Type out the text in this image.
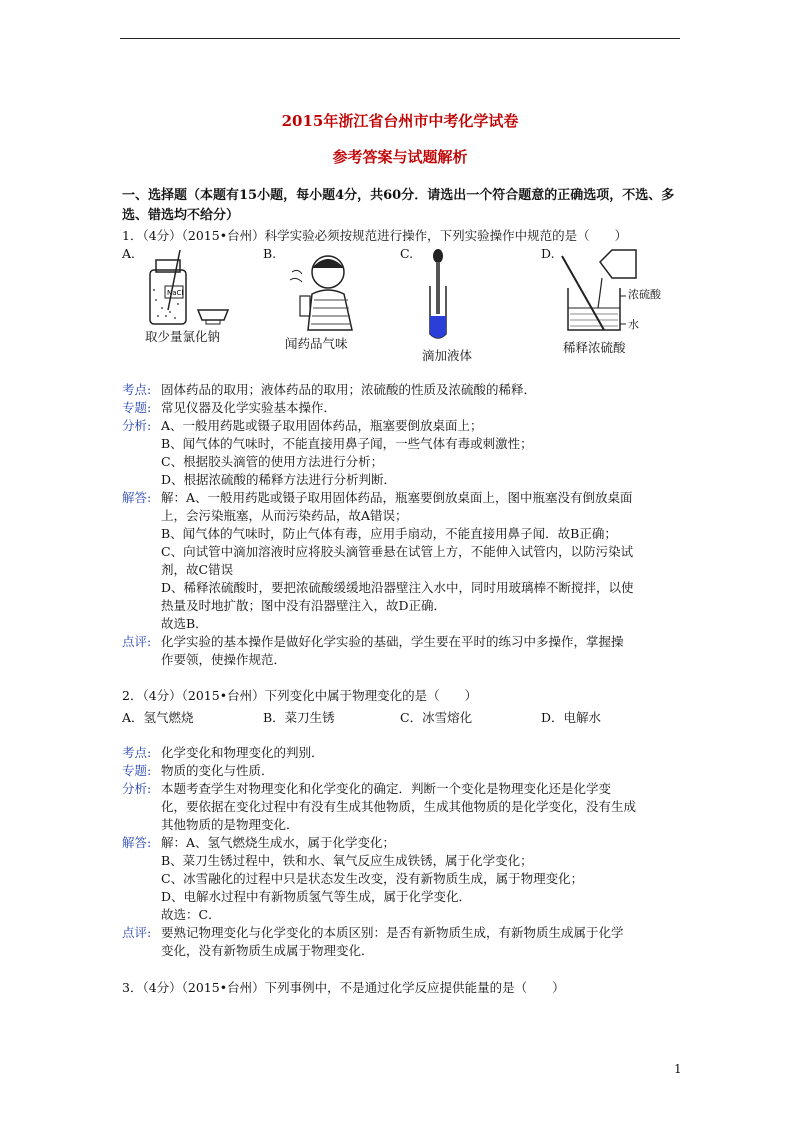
2015年浙江省台州市中考化学试卷
参考答案与试题解析
一、选择题（本题有15小题，每小题4分，共60分．请选出一个符合题意的正确选项，不选、多选、错选均不给分）
1．（4分）（2015•台州）科学实验必须按规范进行操作，下列实验操作中规范的是（　　）
A.	B.	C.	D.
NaCl
取少量氯化钠	闻药品气味
滴加液体
浓硫酸
水
稀释浓硫酸
考点: 固体药品的取用；液体药品的取用；浓硫酸的性质及浓硫酸的稀释．
专题: 常见仪器及化学实验基本操作．
分析: A、一般用药匙或镊子取用固体药品，瓶塞要倒放桌面上；
B、闻气体的气味时，不能直接用鼻子闻，一些气体有毒或刺激性；
C、根据胶头滴管的使用方法进行分析；
D、根据浓硫酸的稀释方法进行分析判断．
解答: 解：A、一般用药匙或镊子取用固体药品，瓶塞要倒放桌面上，图中瓶塞没有倒放桌面
上，会污染瓶塞，从而污染药品，故A错误；
B、闻气体的气味时，防止气体有毒，应用手扇动，不能直接用鼻子闻．故B正确；
C、向试管中滴加溶液时应将胶头滴管垂悬在试管上方，不能伸入试管内，以防污染试
剂，故C错误
D、稀释浓硫酸时，要把浓硫酸缓缓地沿器壁注入水中，同时用玻璃棒不断搅拌，以使
热量及时地扩散；图中没有沿器壁注入，故D正确．
故选B．
点评: 化学实验的基本操作是做好化学实验的基础，学生要在平时的练习中多操作，掌握操
作要领，使操作规范．
2．（4分）（2015•台州）下列变化中属于物理变化的是（　　）
A．氢气燃烧	B．菜刀生锈	C．冰雪熔化	D．电解水
考点: 化学变化和物理变化的判别．
专题: 物质的变化与性质．
分析: 本题考查学生对物理变化和化学变化的确定．判断一个变化是物理变化还是化学变
化，要依据在变化过程中有没有生成其他物质，生成其他物质的是化学变化，没有生成
其他物质的是物理变化．
解答: 解：A、氢气燃烧生成水，属于化学变化；
B、菜刀生锈过程中，铁和水、氧气反应生成铁锈，属于化学变化；
C、冰雪融化的过程中只是状态发生改变，没有新物质生成，属于物理变化；
D、电解水过程中有新物质氢气等生成，属于化学变化．
故选：C．
点评: 要熟记物理变化与化学变化的本质区别：是否有新物质生成，有新物质生成属于化学
变化，没有新物质生成属于物理变化．
3．（4分）（2015•台州）下列事例中，不是通过化学反应提供能量的是（　　）
1
